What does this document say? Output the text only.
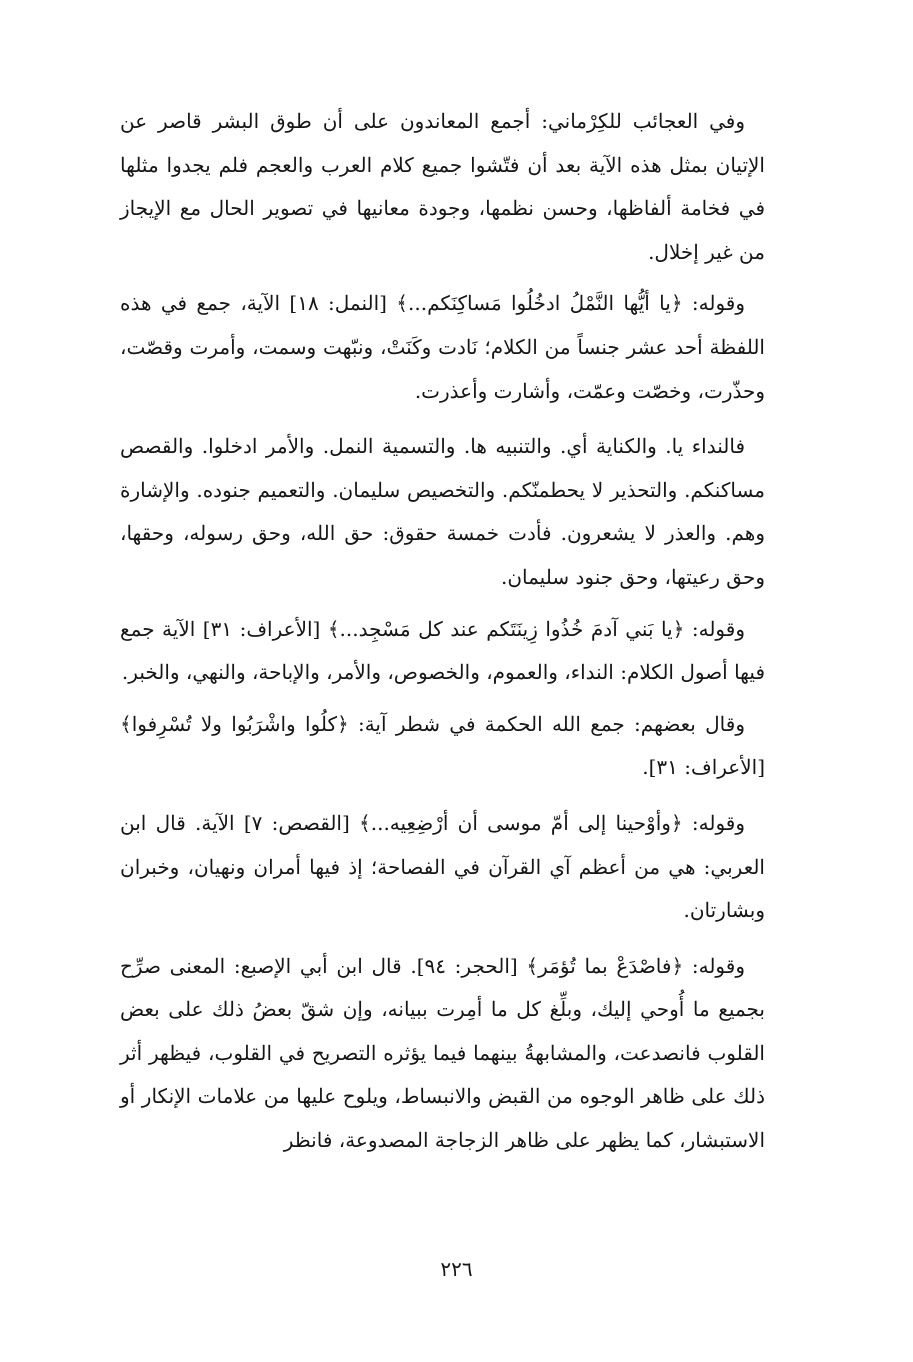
وفي العجائب للكِرْماني: أجمع المعاندون على أن طوق البشر قاصر عن الإتيان بمثل هذه الآية بعد أن فتّشوا جميع كلام العرب والعجم فلم يجدوا مثلها في فخامة ألفاظها، وحسن نظمها، وجودة معانيها في تصوير الحال مع الإيجاز من غير إخلال.

وقوله: ﴿يا أيُّها النَّمْلُ ادخُلُوا مَساكِنَكم...﴾ [النمل: ١٨] الآية، جمع في هذه اللفظة أحد عشر جنساً من الكلام؛ نَادت وكَنَتْ، ونبّهت وسمت، وأمرت وقصّت، وحذّرت، وخصّت وعمّت، وأشارت وأعذرت.

فالنداء يا. والكناية أي. والتنبيه ها. والتسمية النمل. والأمر ادخلوا. والقصص مساكنكم. والتحذير لا يحطمنّكم. والتخصيص سليمان. والتعميم جنوده. والإشارة وهم. والعذر لا يشعرون. فأدت خمسة حقوق: حق الله، وحق رسوله، وحقها، وحق رعيتها، وحق جنود سليمان.

وقوله: ﴿يا بَني آدمَ خُذُوا زِينَتَكم عند كل مَسْجِد...﴾ [الأعراف: ٣١] الآية جمع فيها أصول الكلام: النداء، والعموم، والخصوص، والأمر، والإباحة، والنهي، والخبر.

وقال بعضهم: جمع الله الحكمة في شطر آية: ﴿كلُوا واشْرَبُوا ولا تُسْرِفوا﴾ [الأعراف: ٣١].

وقوله: ﴿وأوْحينا إلى أمّ موسى أن أرْضِعِيه...﴾ [القصص: ٧] الآية. قال ابن العربي: هي من أعظم آي القرآن في الفصاحة؛ إذ فيها أمران ونهيان، وخبران وبشارتان.

وقوله: ﴿فاصْدَعْ بما تُؤمَر﴾ [الحجر: ٩٤]. قال ابن أبي الإصبع: المعنى صرِّح بجميع ما أُوحي إليك، وبلِّغ كل ما أمِرت ببيانه، وإن شقّ بعضُ ذلك على بعض القلوب فانصدعت، والمشابهةُ بينهما فيما يؤثره التصريح في القلوب، فيظهر أثر ذلك على ظاهر الوجوه من القبض والانبساط، ويلوح عليها من علامات الإنكار أو الاستبشار، كما يظهر على ظاهر الزجاجة المصدوعة، فانظر

٢٢٦
